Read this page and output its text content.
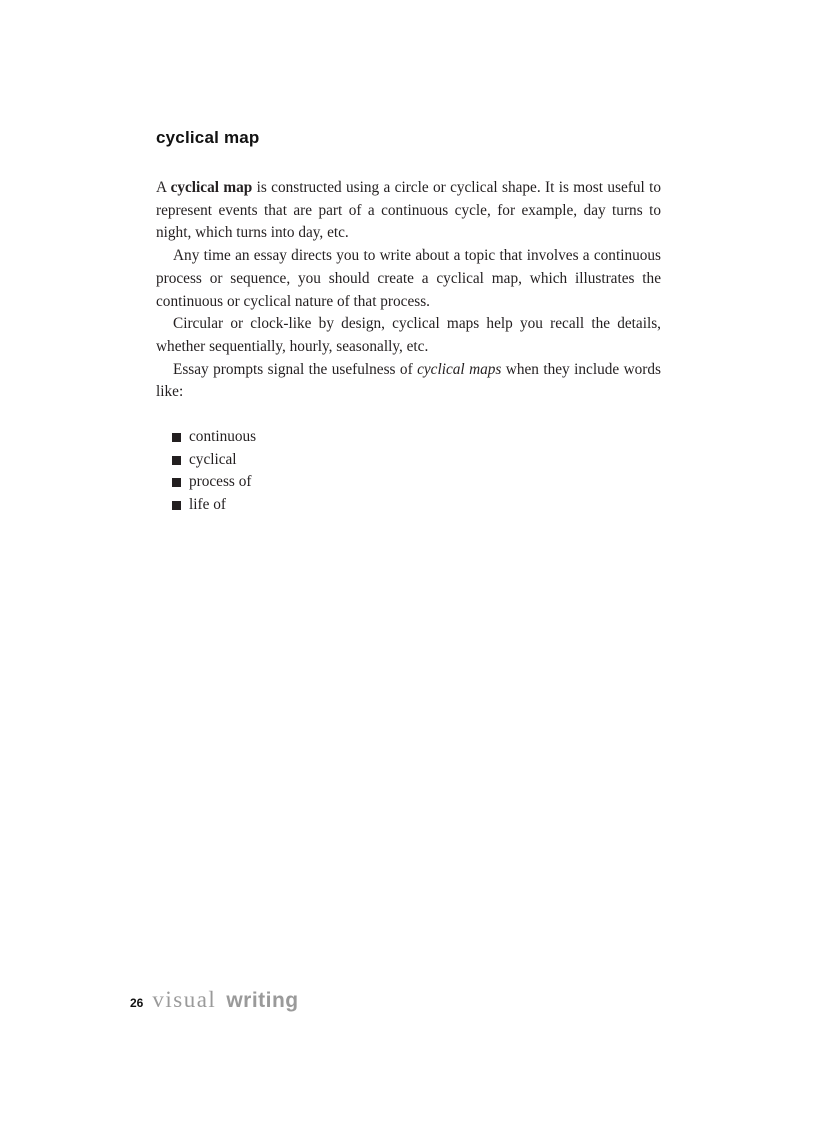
cyclical map

A cyclical map is constructed using a circle or cyclical shape. It is most useful to represent events that are part of a continuous cycle, for example, day turns to night, which turns into day, etc.

Any time an essay directs you to write about a topic that involves a continuous process or sequence, you should create a cyclical map, which illustrates the continuous or cyclical nature of that process.

Circular or clock-like by design, cyclical maps help you recall the details, whether sequentially, hourly, seasonally, etc.

Essay prompts signal the usefulness of cyclical maps when they include words like:

continuous
cyclical
process of
life of
26 visual writing
